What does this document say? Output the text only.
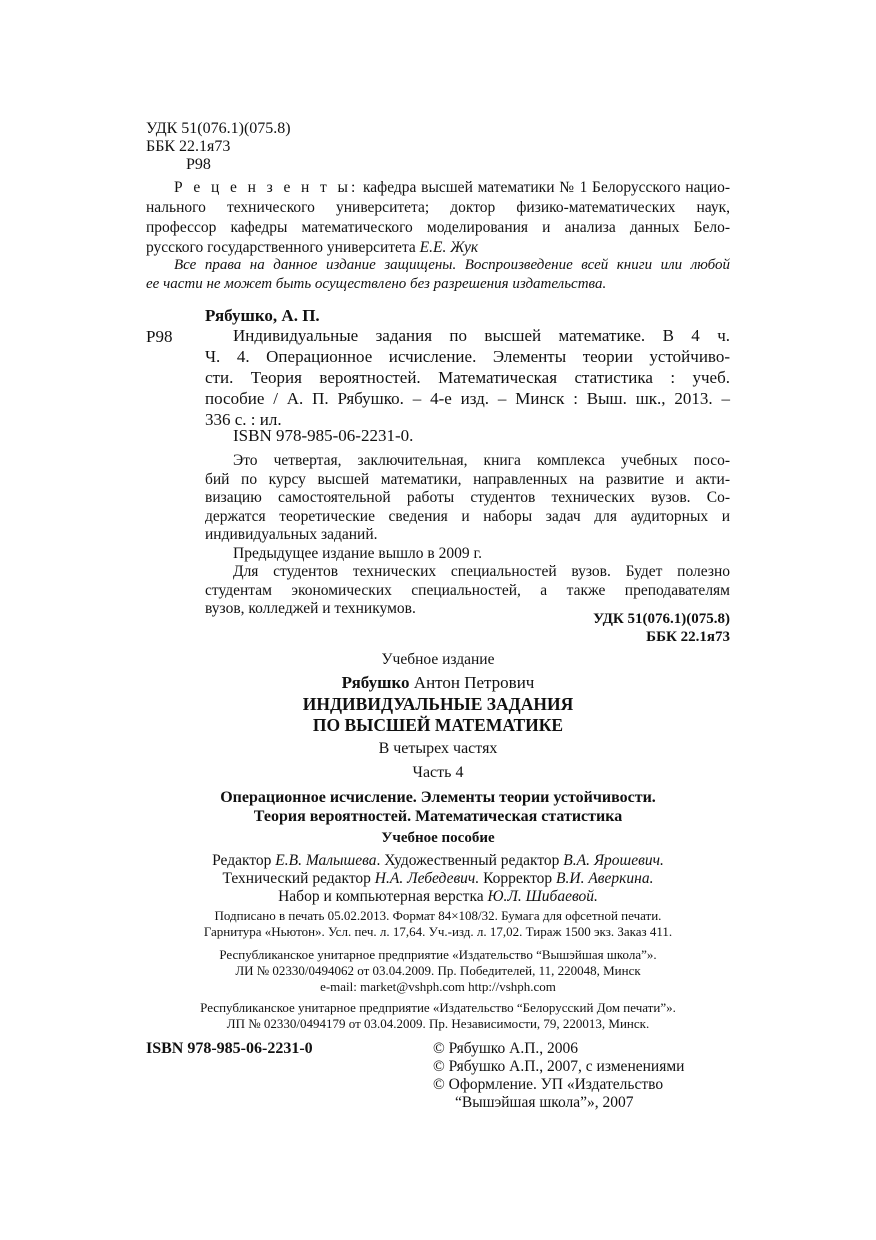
УДК 51(076.1)(075.8)
ББК 22.1я73
Р98
Р е ц е н з е н т ы: кафедра высшей математики № 1 Белорусского нацио-
нального технического университета; доктор физико-математических наук,
профессор кафедры математического моделирования и анализа данных Бело-
русского государственного университета Е.Е. Жук
Все права на данное издание защищены. Воспроизведение всей книги или любой
ее части не может быть осуществлено без разрешения издательства.
Рябушко, А. П.
Р98	Индивидуальные задания по высшей математике. В 4 ч.
Ч. 4. Операционное исчисление. Элементы теории устойчиво-
сти. Теория вероятностей. Математическая статистика : учеб.
пособие / А. П. Рябушко. – 4-е изд. – Минск : Выш. шк., 2013. –
336 с. : ил.
ISBN 978-985-06-2231-0.
Это четвертая, заключительная, книга комплекса учебных посо-
бий по курсу высшей математики, направленных на развитие и акти-
визацию самостоятельной работы студентов технических вузов. Со-
держатся теоретические сведения и наборы задач для аудиторных и
индивидуальных заданий.
Предыдущее издание вышло в 2009 г.
Для студентов технических специальностей вузов. Будет полезно
студентам экономических специальностей, а также преподавателям
вузов, колледжей и техникумов.
УДК 51(076.1)(075.8)
ББК 22.1я73
Учебное издание
Рябушко Антон Петрович
ИНДИВИДУАЛЬНЫЕ ЗАДАНИЯ
ПО ВЫСШЕЙ МАТЕМАТИКЕ
В четырех частях
Часть 4
Операционное исчисление. Элементы теории устойчивости.
Теория вероятностей. Математическая статистика
Учебное пособие
Редактор Е.В. Малышева. Художественный редактор В.А. Ярошевич.
Технический редактор Н.А. Лебедевич. Корректор В.И. Аверкина.
Набор и компьютерная верстка Ю.Л. Шибаевой.
Подписано в печать 05.02.2013. Формат 84×108/32. Бумага для офсетной печати.
Гарнитура «Ньютон». Усл. печ. л. 17,64. Уч.-изд. л. 17,02. Тираж 1500 экз. Заказ 411.
Республиканское унитарное предприятие «Издательство “Вышэйшая школа”».
ЛИ № 02330/0494062 от 03.04.2009. Пр. Победителей, 11, 220048, Минск
e-mail: market@vshph.com http://vshph.com
Республиканское унитарное предприятие «Издательство “Белорусский Дом печати”».
ЛП № 02330/0494179 от 03.04.2009. Пр. Независимости, 79, 220013, Минск.
ISBN 978-985-06-2231-0	© Рябушко А.П., 2006
© Рябушко А.П., 2007, с изменениями
© Оформление. УП «Издательство
“Вышэйшая школа”», 2007
